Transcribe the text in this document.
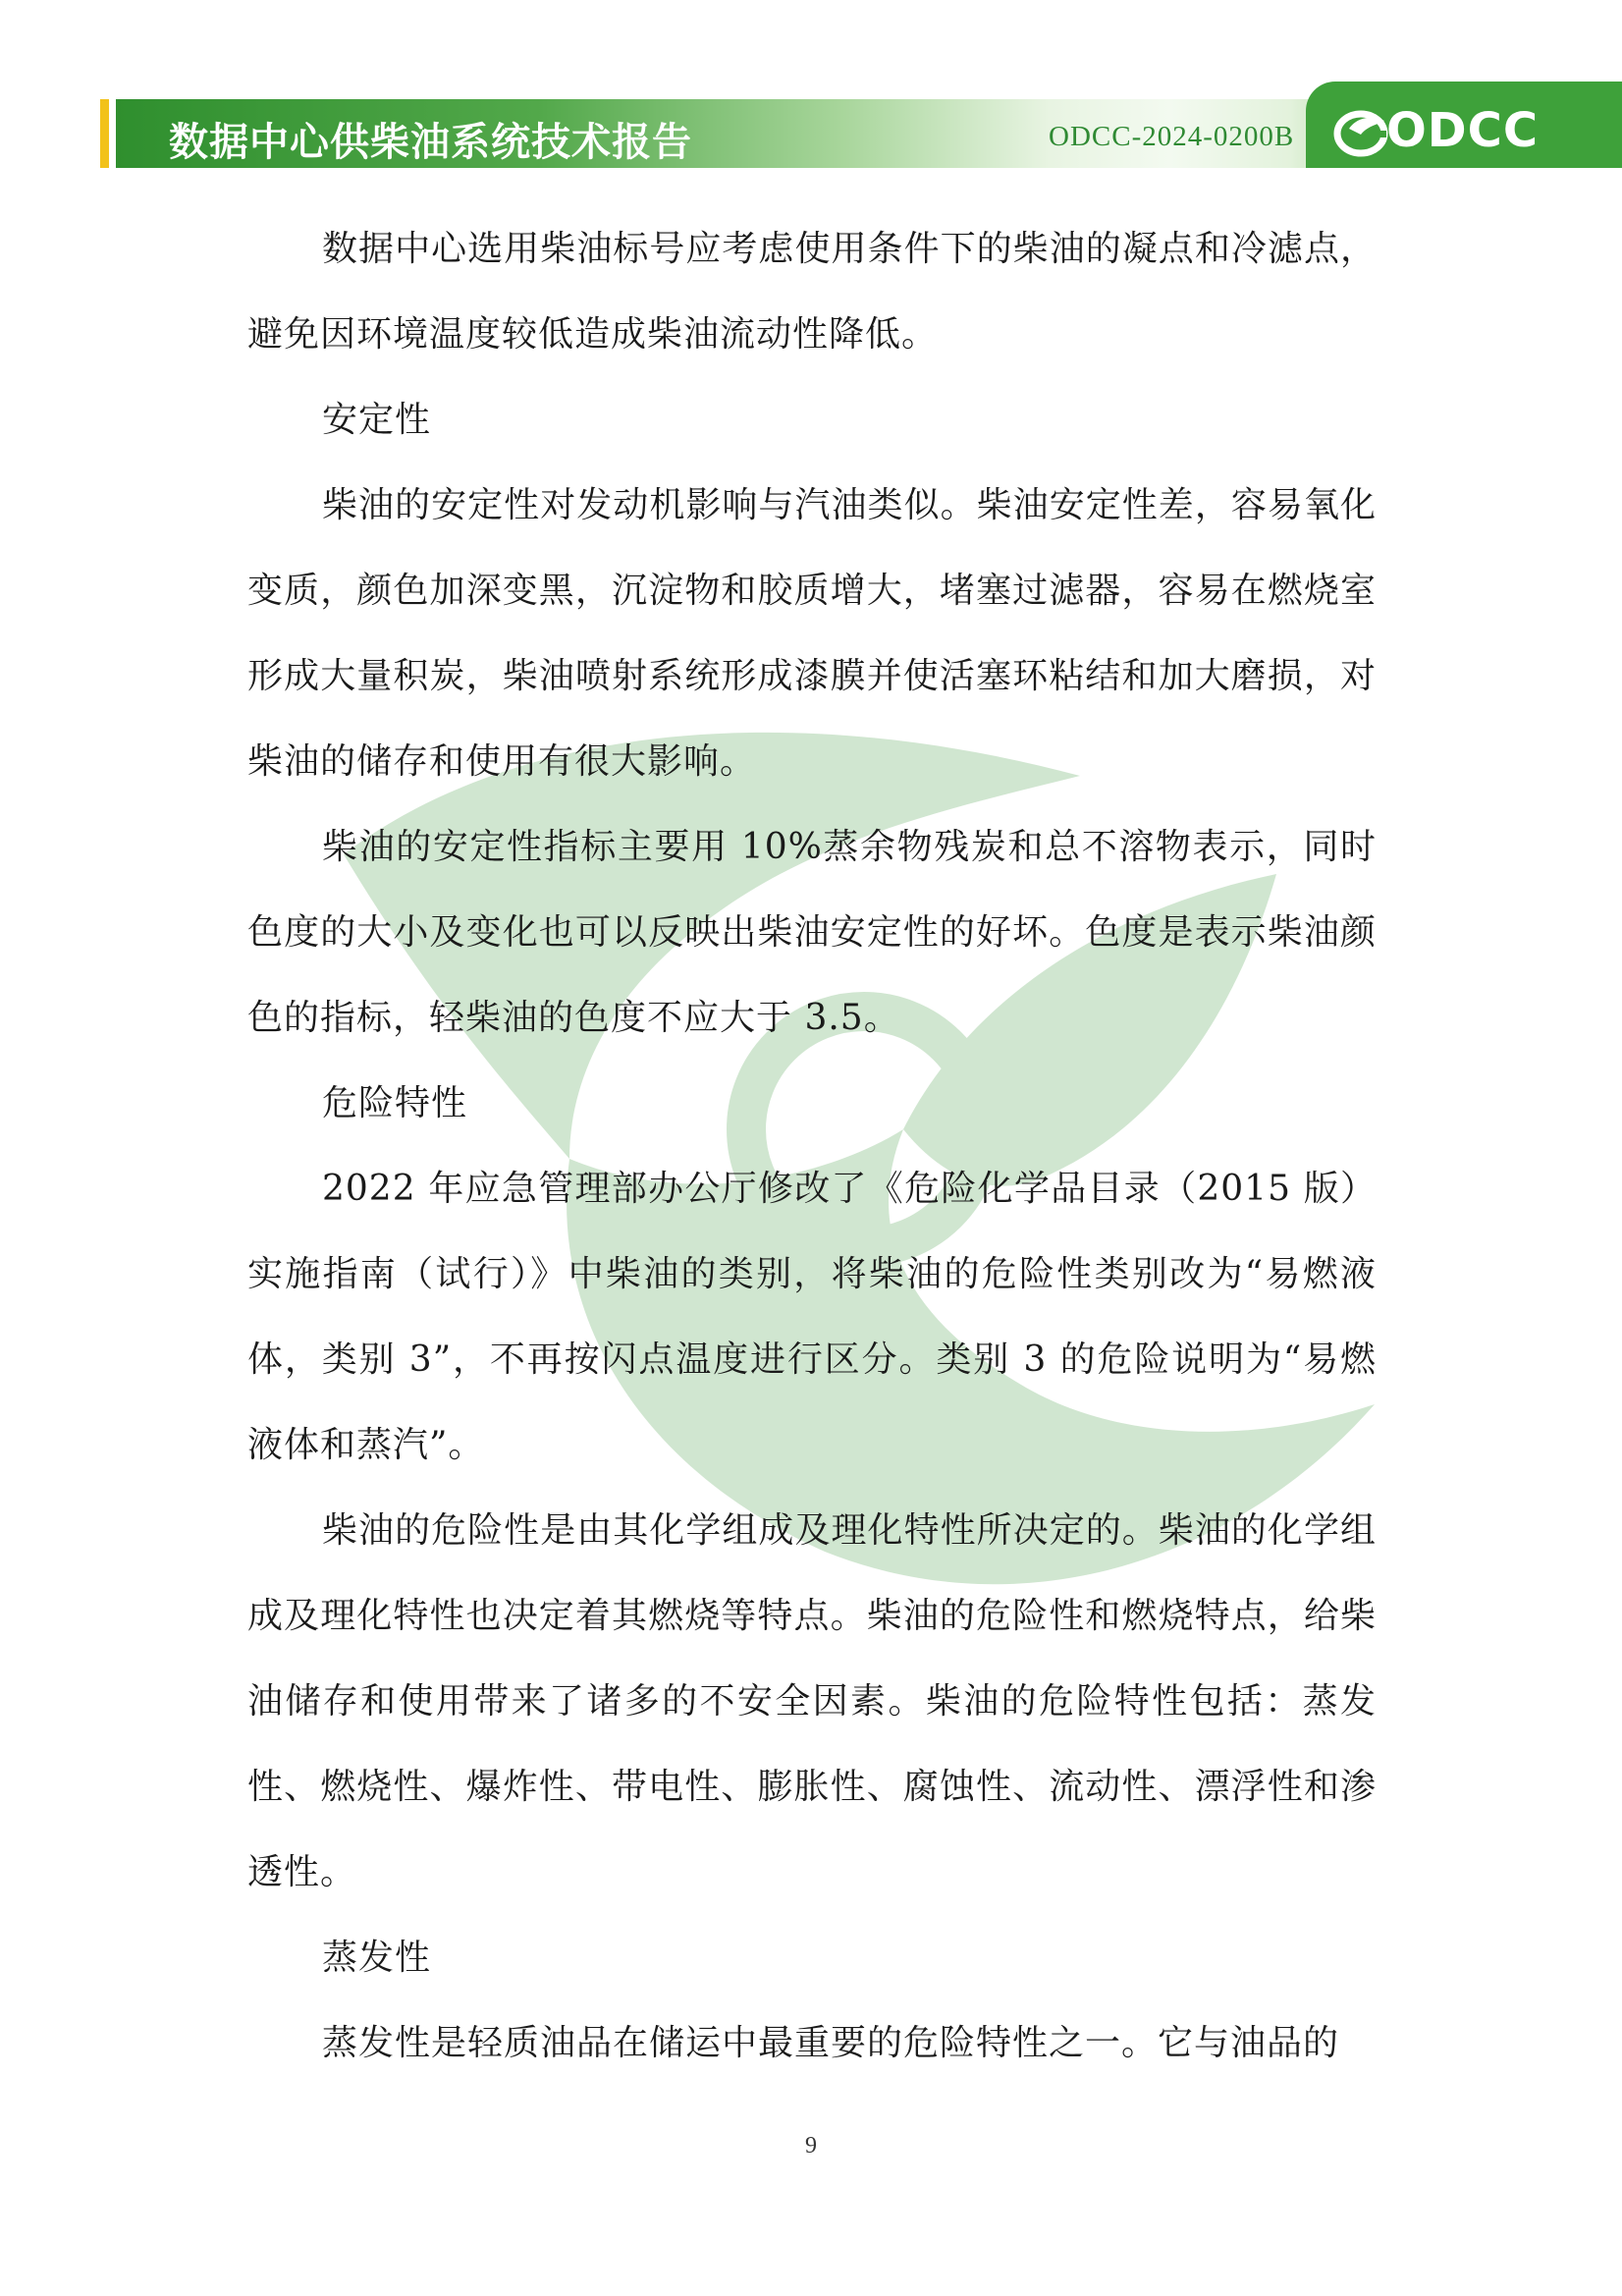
数据中心供柴油系统技术报告	ODCC-2024-0200B ODCC

数据中心选用柴油标号应考虑使用条件下的柴油的凝点和冷滤点，避免因环境温度较低造成柴油流动性降低。

安定性

柴油的安定性对发动机影响与汽油类似。柴油安定性差，容易氧化变质，颜色加深变黑，沉淀物和胶质增大，堵塞过滤器，容易在燃烧室形成大量积炭，柴油喷射系统形成漆膜并使活塞环粘结和加大磨损，对柴油的储存和使用有很大影响。

柴油的安定性指标主要用 10%蒸余物残炭和总不溶物表示，同时色度的大小及变化也可以反映出柴油安定性的好坏。色度是表示柴油颜色的指标，轻柴油的色度不应大于 3.5。

危险特性

2022 年应急管理部办公厅修改了《危险化学品目录（2015 版）实施指南（试行）》中柴油的类别，将柴油的危险性类别改为“易燃液体，类别 3”，不再按闪点温度进行区分。类别 3 的危险说明为“易燃液体和蒸汽”。

柴油的危险性是由其化学组成及理化特性所决定的。柴油的化学组成及理化特性也决定着其燃烧等特点。柴油的危险性和燃烧特点，给柴油储存和使用带来了诸多的不安全因素。柴油的危险特性包括：蒸发性、燃烧性、爆炸性、带电性、膨胀性、腐蚀性、流动性、漂浮性和渗透性。

蒸发性

蒸发性是轻质油品在储运中最重要的危险特性之一。它与油品的

9
